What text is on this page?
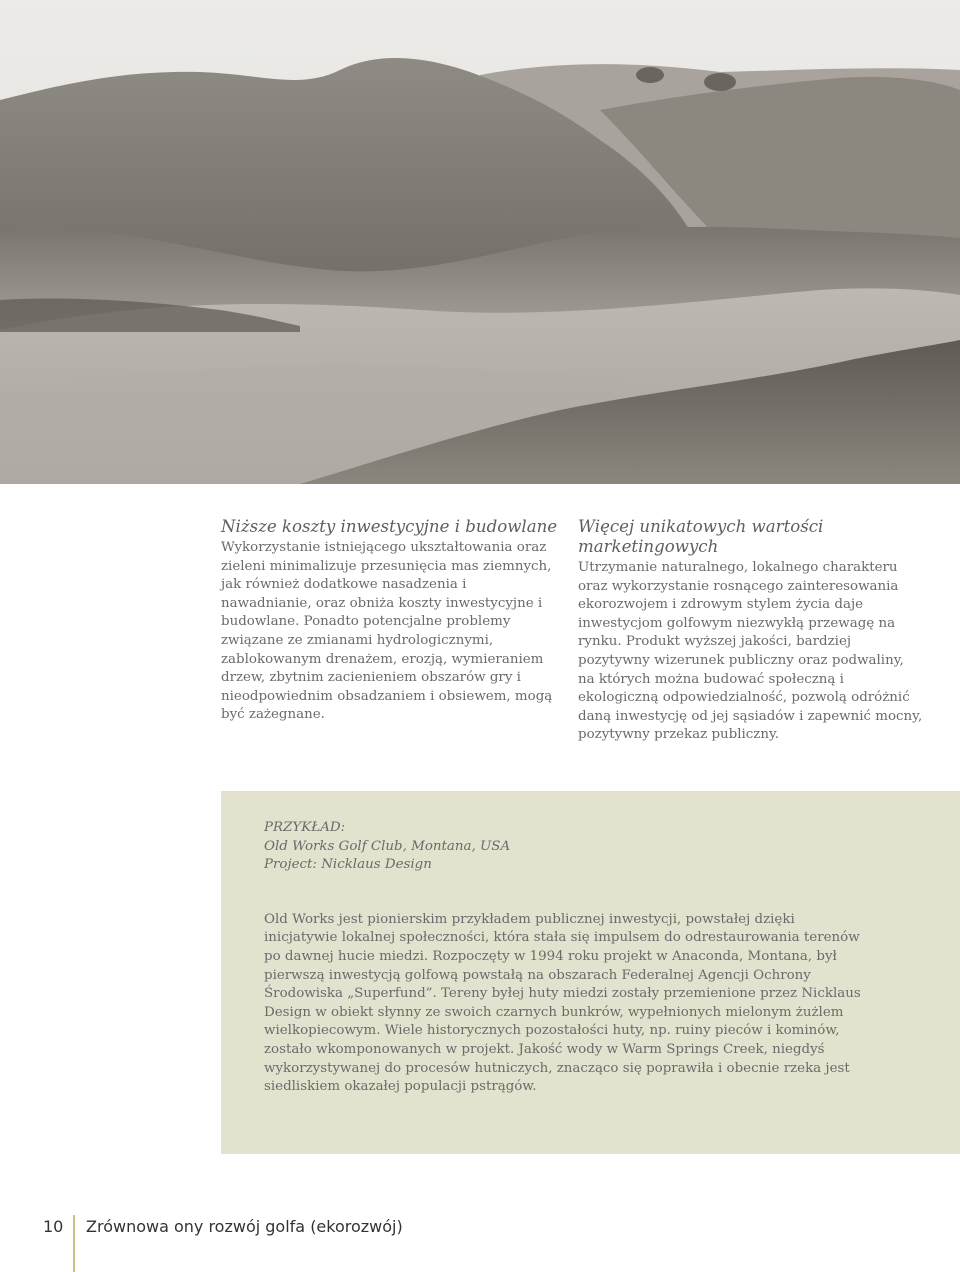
Niższe koszty inwestycyjne i budowlane

Wykorzystanie istniejącego ukształtowania oraz zieleni minimalizuje przesunięcia mas ziemnych, jak również dodatkowe nasadzenia i nawadnianie, oraz obniża koszty inwestycyjne i budowlane. Ponadto potencjalne problemy związane ze zmianami hydrologicznymi, zablokowanym drenażem, erozją, wymieraniem drzew, zbytnim zacienieniem obszarów gry i nieodpowiednim obsadzaniem i obsiewem, mogą być zażegnane.

Więcej unikatowych wartości marketingowych

Utrzymanie naturalnego, lokalnego charakteru oraz wykorzystanie rosnącego zainteresowania ekorozwojem i zdrowym stylem życia daje inwestycjom golfowym niezwykłą przewagę na rynku. Produkt wyższej jakości, bardziej pozytywny wizerunek publiczny oraz podwaliny, na których można budować społeczną i ekologiczną odpowiedzialność, pozwolą odróżnić daną inwestycję od jej sąsiadów i zapewnić mocny, pozytywny przekaz publiczny.

PRZYKŁAD:
Old Works Golf Club, Montana, USA
Project: Nicklaus Design

Old Works jest pionierskim przykładem publicznej inwestycji, powstałej dzięki inicjatywie lokalnej społeczności, która stała się impulsem do odrestaurowania terenów po dawnej hucie miedzi. Rozpoczęty w 1994 roku projekt w Anaconda, Montana, był pierwszą inwestycją golfową powstałą na obszarach Federalnej Agencji Ochrony Środowiska „Superfund”. Tereny byłej huty miedzi zostały przemienione przez Nicklaus Design w obiekt słynny ze swoich czarnych bunkrów, wypełnionych mielonym żużlem wielkopiecowym. Wiele historycznych pozostałości huty, np. ruiny pieców i kominów, zostało wkomponowanych w projekt. Jakość wody w Warm Springs Creek, niegdyś wykorzystywanej do procesów hutniczych, znacząco się poprawiła i obecnie rzeka jest siedliskiem okazałej populacji pstrągów.

10 Zrównowa ony rozwój golfa (ekorozwój)
